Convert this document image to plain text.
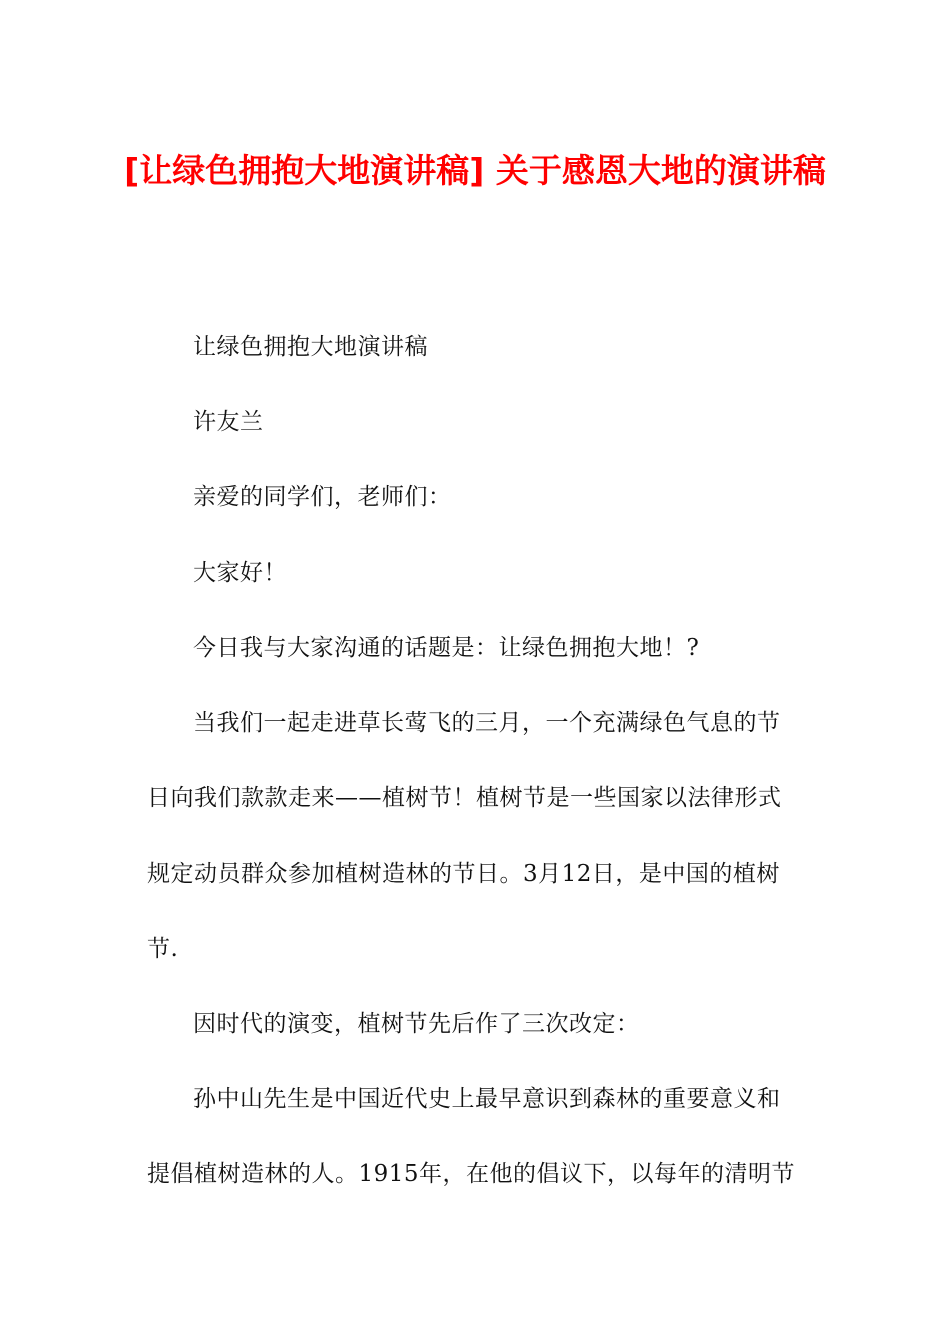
[让绿色拥抱大地演讲稿] 关于感恩大地的演讲稿

让绿色拥抱大地演讲稿

许友兰

亲爱的同学们，老师们：

大家好！

今日我与大家沟通的话题是：让绿色拥抱大地！?

当我们一起走进草长莺飞的三月，一个充满绿色气息的节日向我们款款走来——植树节！植树节是一些国家以法律形式规定动员群众参加植树造林的节日。3月12日，是中国的植树节.

因时代的演变，植树节先后作了三次改定：

孙中山先生是中国近代史上最早意识到森林的重要意义和提倡植树造林的人。1915年，在他的倡议下，以每年的清明节
